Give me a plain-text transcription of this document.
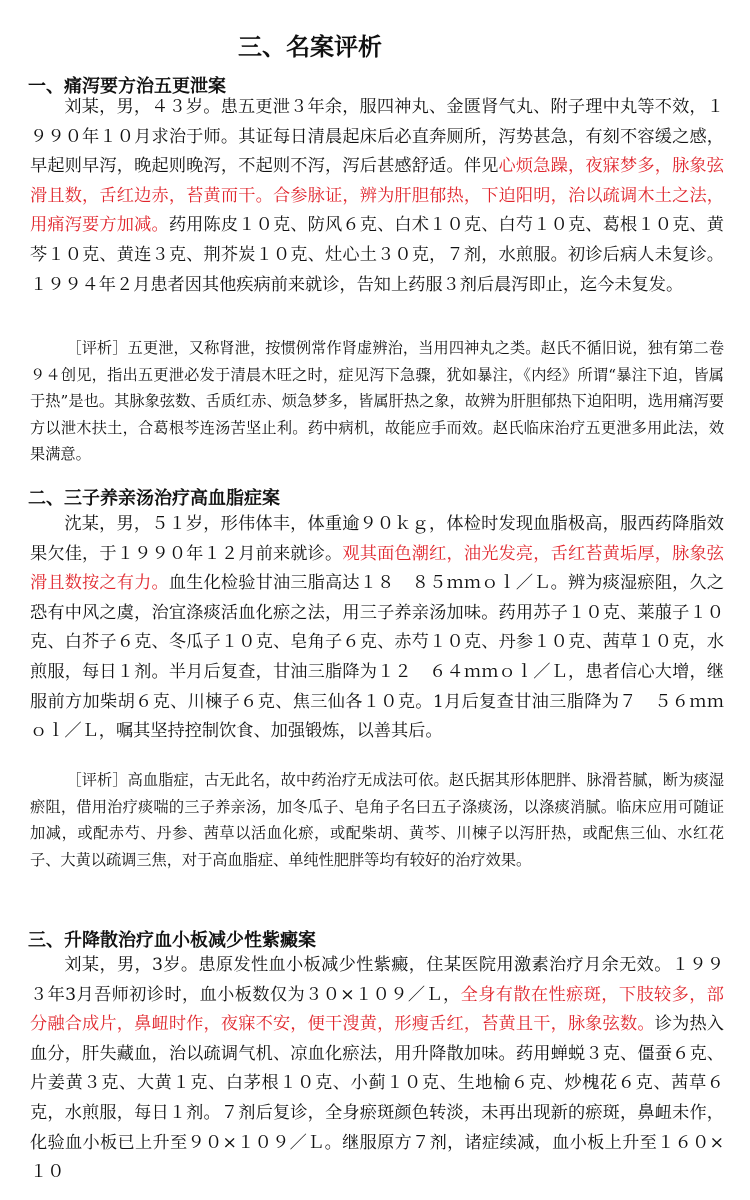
三、名案评析
一、痛泻要方治五更泄案

刘某，男，４３岁。患五更泄３年余，服四神丸、金匮肾气丸、附子理中丸等不效，１９９０年１０月求治于师。其证每日清晨起床后必直奔厕所，泻势甚急，有刻不容缓之感，早起则早泻，晚起则晚泻，不起则不泻，泻后甚感舒适。伴见心烦急躁，夜寐梦多，脉象弦滑且数，舌红边赤，苔黄而干。合参脉证，辨为肝胆郁热，下迫阳明，治以疏调木土之法，用痛泻要方加减。药用陈皮１０克、防风６克、白术１０克、白芍１０克、葛根１０克、黄芩１０克、黄连３克、荆芥炭１０克、灶心土３０克，７剂，水煎服。初诊后病人未复诊。１９９４年２月患者因其他疾病前来就诊，告知上药服３剂后晨泻即止，迄今未复发。

［评析］五更泄，又称肾泄，按惯例常作肾虚辨治，当用四神丸之类。赵氏不循旧说，独有第二卷９４创见，指出五更泄必发于清晨木旺之时，症见泻下急骤，犹如暴注，《内经》所谓“暴注下迫，皆属于热”是也。其脉象弦数、舌质红赤、烦急梦多，皆属肝热之象，故辨为肝胆郁热下迫阳明，选用痛泻要方以泄木扶土，合葛根芩连汤苦坚止利。药中病机，故能应手而效。赵氏临床治疗五更泄多用此法，效果满意。

二、三子养亲汤治疗高血脂症案

沈某，男，５１岁，形伟体丰，体重逾９０ｋｇ，体检时发现血脂极高，服西药降脂效果欠佳，于１９９０年１２月前来就诊。观其面色潮红，油光发亮，舌红苔黄垢厚，脉象弦滑且数按之有力。血生化检验甘油三脂高达１８　８５ｍｍｏｌ／Ｌ。辨为痰湿瘀阻，久之恐有中风之虞，治宜涤痰活血化瘀之法，用三子养亲汤加味。药用苏子１０克、莱菔子１０克、白芥子６克、冬瓜子１０克、皂角子６克、赤芍１０克、丹参１０克、茜草１０克，水煎服，每日１剂。半月后复查，甘油三脂降为１２　６４ｍｍｏｌ／Ｌ，患者信心大增，继服前方加柴胡６克、川楝子６克、焦三仙各１０克。1月后复查甘油三脂降为７　５６ｍｍｏｌ／Ｌ，嘱其坚持控制饮食、加强锻炼，以善其后。

［评析］高血脂症，古无此名，故中药治疗无成法可依。赵氏据其形体肥胖、脉滑苔腻，断为痰湿瘀阻，借用治疗痰喘的三子养亲汤，加冬瓜子、皂角子名曰五子涤痰汤，以涤痰消腻。临床应用可随证加减，或配赤芍、丹参、茜草以活血化瘀，或配柴胡、黄芩、川楝子以泻肝热，或配焦三仙、水红花子、大黄以疏调三焦，对于高血脂症、单纯性肥胖等均有较好的治疗效果。

三、升降散治疗血小板减少性紫癜案

刘某，男，3岁。患原发性血小板减少性紫癜，住某医院用激素治疗月余无效。１９９３年3月吾师初诊时，血小板数仅为３０×１０９／Ｌ，全身有散在性瘀斑，下肢较多，部分融合成片，鼻衄时作，夜寐不安，便干溲黄，形瘦舌红，苔黄且干，脉象弦数。诊为热入血分，肝失藏血，治以疏调气机、凉血化瘀法，用升降散加味。药用蝉蜕３克、僵蚕６克、片姜黄３克、大黄１克、白茅根１０克、小蓟１０克、生地榆６克、炒槐花６克、茜草６克，水煎服，每日１剂。７剂后复诊，全身瘀斑颜色转淡，未再出现新的瘀斑，鼻衄未作，化验血小板已上升至９０×１０９／Ｌ。继服原方７剂，诸症续减，血小板上升至１６０×１０
